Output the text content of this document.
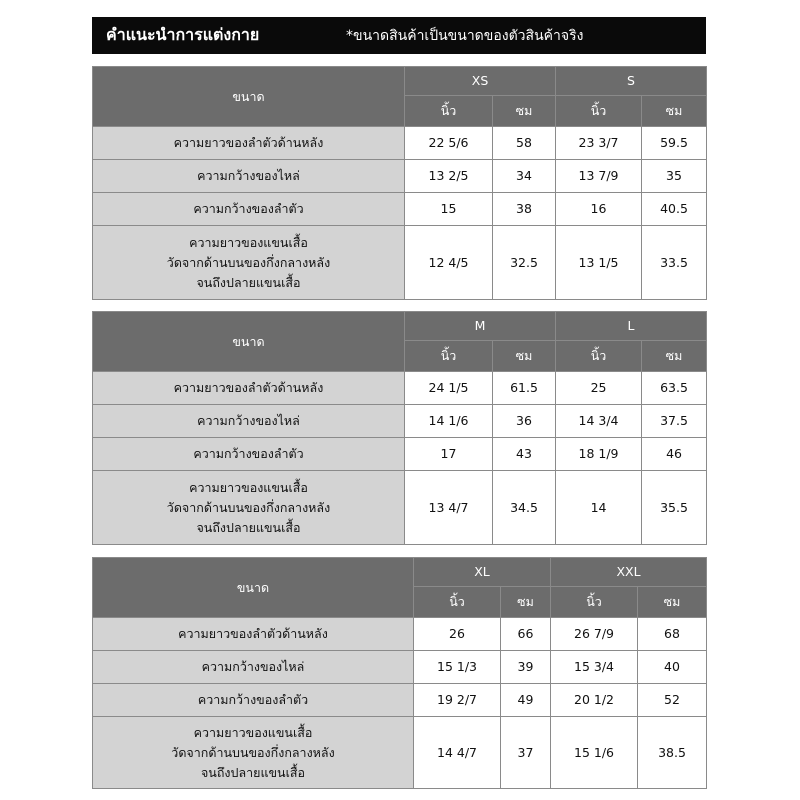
คำแนะนำการแต่งกาย	*ขนาดสินค้าเป็นขนาดของตัวสินค้าจริง
ขนาด	XS		S	
	นิ้ว	ซม	นิ้ว	ซม
ความยาวของลำตัวด้านหลัง	22 5/6	58	23 3/7	59.5
ความกว้างของไหล่	13 2/5	34	13 7/9	35
ความกว้างของลำตัว	15	38	16	40.5

ความยาวของแขนเสื้อ
วัดจากด้านบนของกึ่งกลางหลัง
จนถึงปลายแขนเสื้อ	12 4/5	32.5	13 1/5	33.5
ขนาด	M		L	
	นิ้ว	ซม	นิ้ว	ซม
ความยาวของลำตัวด้านหลัง	24 1/5	61.5	25	63.5
ความกว้างของไหล่	14 1/6	36	14 3/4	37.5
ความกว้างของลำตัว	17	43	18 1/9	46

ความยาวของแขนเสื้อ
วัดจากด้านบนของกึ่งกลางหลัง
จนถึงปลายแขนเสื้อ	13 4/7	34.5	14	35.5
ขนาด	XL		XXL	
	นิ้ว	ซม	นิ้ว	ซม
ความยาวของลำตัวด้านหลัง	26	66	26 7/9	68
ความกว้างของไหล่	15 1/3	39	15 3/4	40
ความกว้างของลำตัว	19 2/7	49	20 1/2	52

ความยาวของแขนเสื้อ
วัดจากด้านบนของกึ่งกลางหลัง
จนถึงปลายแขนเสื้อ	14 4/7	37	15 1/6	38.5
